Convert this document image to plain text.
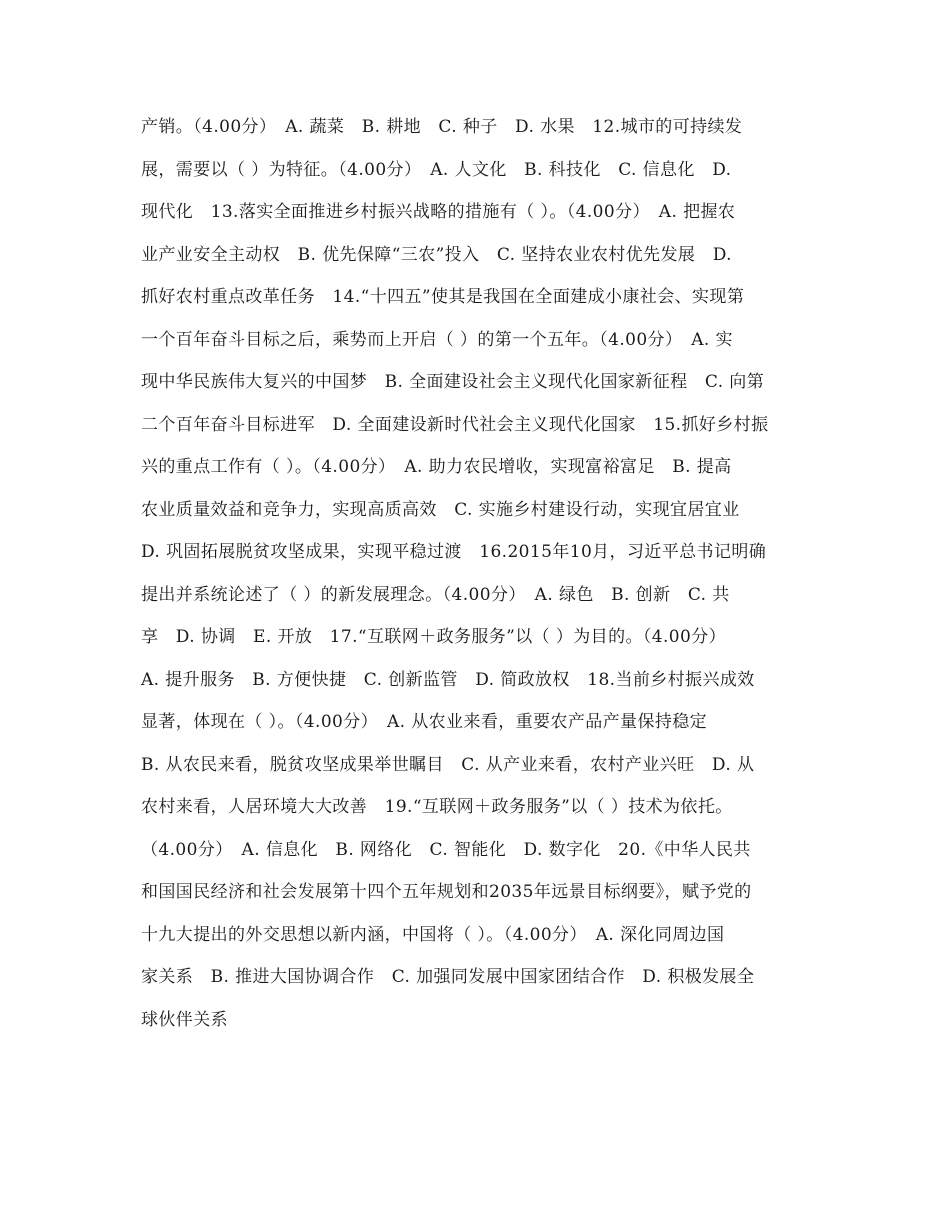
产销。（4.00分）　A. 蔬菜　B. 耕地　C. 种子　D. 水果　12.城市的可持续发
展，需要以（ ）为特征。（4.00分）　A. 人文化　B. 科技化　C. 信息化　D.
现代化　13.落实全面推进乡村振兴战略的措施有（ ）。（4.00分）　A. 把握农
业产业安全主动权　B. 优先保障“三农”投入　C. 坚持农业农村优先发展　D.
抓好农村重点改革任务　14.“十四五”使其是我国在全面建成小康社会、实现第
一个百年奋斗目标之后，乘势而上开启（ ）的第一个五年。（4.00分）　A. 实
现中华民族伟大复兴的中国梦　B. 全面建设社会主义现代化国家新征程　C. 向第
二个百年奋斗目标进军　D. 全面建设新时代社会主义现代化国家　15.抓好乡村振
兴的重点工作有（ ）。（4.00分）　A. 助力农民增收，实现富裕富足　B. 提高
农业质量效益和竞争力，实现高质高效　C. 实施乡村建设行动，实现宜居宜业
D. 巩固拓展脱贫攻坚成果，实现平稳过渡　16.2015年10月，习近平总书记明确
提出并系统论述了（ ）的新发展理念。（4.00分）　A. 绿色　B. 创新　C. 共
享　D. 协调　E. 开放　17.“互联网＋政务服务”以（ ）为目的。（4.00分）
A. 提升服务　B. 方便快捷　C. 创新监管　D. 简政放权　18.当前乡村振兴成效
显著，体现在（ ）。（4.00分）　A. 从农业来看，重要农产品产量保持稳定
B. 从农民来看，脱贫攻坚成果举世瞩目　C. 从产业来看，农村产业兴旺　D. 从
农村来看，人居环境大大改善　19.“互联网＋政务服务”以（ ）技术为依托。
（4.00分）　A. 信息化　B. 网络化　C. 智能化　D. 数字化　20.《中华人民共
和国国民经济和社会发展第十四个五年规划和2035年远景目标纲要》，赋予党的
十九大提出的外交思想以新内涵，中国将（ ）。（4.00分）　A. 深化同周边国
家关系　B. 推进大国协调合作　C. 加强同发展中国家团结合作　D. 积极发展全
球伙伴关系
